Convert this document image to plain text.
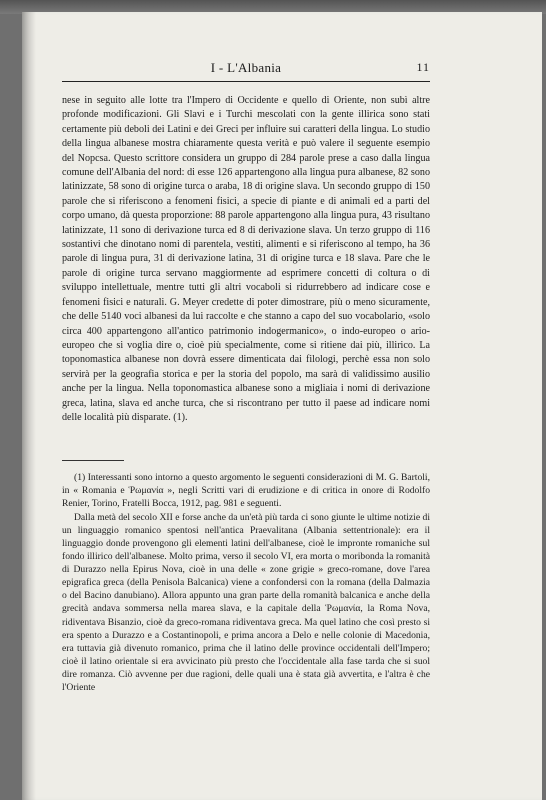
I - L'Albania	11

nese in seguito alle lotte tra l'Impero di Occidente e quello di Oriente, non subì altre profonde modificazioni. Gli Slavi e i Turchi mescolati con la gente illirica sono stati certamente più deboli dei Latini e dei Greci per influire sui caratteri della lingua. Lo studio della lingua albanese mostra chiaramente questa verità e può valere il seguente esempio del Nopcsa. Questo scrittore considera un gruppo di 284 parole prese a caso dalla lingua comune dell'Albania del nord: di esse 126 appartengono alla lingua pura albanese, 82 sono latinizzate, 58 sono di origine turca o araba, 18 di origine slava. Un secondo gruppo di 150 parole che si riferiscono a fenomeni fisici, a specie di piante e di animali ed a parti del corpo umano, dà questa proporzione: 88 parole appartengono alla lingua pura, 43 risultano latinizzate, 11 sono di derivazione turca ed 8 di derivazione slava. Un terzo gruppo di 116 sostantivi che dinotano nomi di parentela, vestiti, alimenti e si riferiscono al tempo, ha 36 parole di lingua pura, 31 di derivazione latina, 31 di origine turca e 18 slava. Pare che le parole di origine turca servano maggiormente ad esprimere concetti di coltura o di sviluppo intellettuale, mentre tutti gli altri vocaboli si ridurrebbero ad indicare cose e fenomeni fisici e naturali. G. Meyer credette di poter dimostrare, più o meno sicuramente, che delle 5140 voci albanesi da lui raccolte e che stanno a capo del suo vocabolario, «solo circa 400 appartengono all'antico patrimonio indogermanico», o indo-europeo o ario-europeo che si voglia dire o, cioè più specialmente, come si ritiene dai più, illirico. La toponomastica albanese non dovrà essere dimenticata dai filologi, perchè essa non solo servirà per la geografia storica e per la storia del popolo, ma sarà di validissimo ausilio anche per la lingua. Nella toponomastica albanese sono a migliaia i nomi di derivazione greca, latina, slava ed anche turca, che si riscontrano per tutto il paese ad indicare nomi delle località più disparate. (1).

(1) Interessanti sono intorno a questo argomento le seguenti considerazioni di M. G. Bartoli, in « Romania e Ῥωμανία », negli Scritti vari di erudizione e di critica in onore di Rodolfo Renier, Torino, Fratelli Bocca, 1912, pag. 981 e seguenti.

Dalla metà del secolo XII e forse anche da un'età più tarda ci sono giunte le ultime notizie di un linguaggio romanico spentosi nell'antica Praevalitana (Albania settentrionale): era il linguaggio donde provengono gli elementi latini dell'albanese, cioè le impronte romaniche sul fondo illirico dell'albanese. Molto prima, verso il secolo VI, era morta o moribonda la romanità di Durazzo nella Epirus Nova, cioè in una delle « zone grigie » greco-romane, dove l'area epigrafica greca (della Penisola Balcanica) viene a confondersi con la romana (della Dalmazia o del Bacino danubiano). Allora appunto una gran parte della romanità balcanica e anche della grecità andava sommersa nella marea slava, e la capitale della Ῥωμανία, la Roma Nova, ridiventava Bisanzio, cioè da greco-romana ridiventava greca. Ma quel latino che così presto si era spento a Durazzo e a Costantinopoli, e prima ancora a Delo e nelle colonie di Macedonia, era tuttavia già divenuto romanico, prima che il latino delle province occidentali dell'Impero; cioè il latino orientale si era avvicinato più presto che l'occidentale alla fase tarda che si suol dire romanza. Ciò avvenne per due ragioni, delle quali una è stata già avvertita, e l'altra è che l'Oriente
